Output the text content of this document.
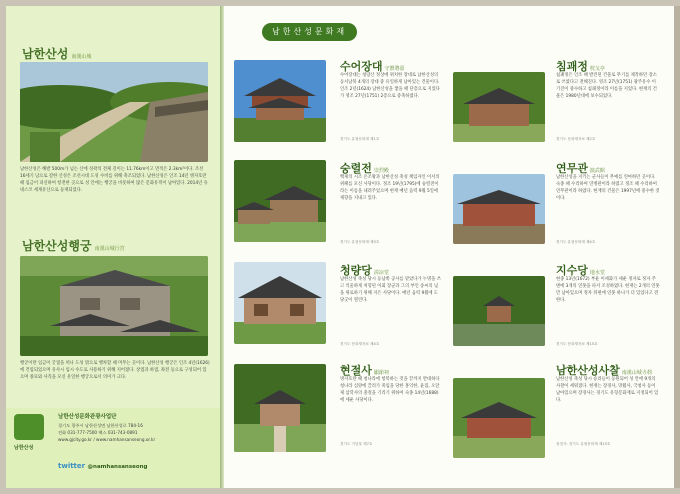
남한산성 南漢山城
남한산성은 해발 500m가 넘는 산에 성곽의 전체 길이는 11.76km이고 면적은 2.3km²이다. 조선 16세기 남으로 갈한 산성은 조선시대 도성 수비를 위해 축조되었다. 남한산성은 인조 14년 병자호란 때 임금이 피신하여 항전한 곳으로 성 안에는 행궁을 비롯하여 많은 문화유적이 남아있다. 2014년 유네스코 세계유산으로 등재되었다.
남한산성행궁 南漢山城行宮
행궁이란 임금이 궁궐을 떠나 도성 밖으로 행차할 때 머무는 곳이다. 남한산성 행궁은 인조 4년(1626)에 건립되었으며 유사시 임시 수도로 사용하기 위해 지어졌다. 상궐과 하궐, 좌전 등으로 구성되어 있으며 종묘와 사직을 모신 유일한 행궁으로서 의미가 크다.
남한산성
남한산성문화관광사업단
경기도 광주시 남한산성면 남한산성로 784-16
전화 031-777-7500 팩스 031-743-0891
www.gjcity.go.kr / www.namhansanseong.or.kr
twitter @namhansanseong
남한산성문화재
수어장대 守禦將臺
수어장대는 청량산 정상에 위치한 장대로 남한산성의 동서남북 4개의 장대 중 유일하게 남아있는 건물이다. 인조 2년(1624) 남한산성을 쌓을 때 단층으로 지었다가 영조 27년(1751) 2층으로 증축하였다.
경기도 유형문화재 제1호
숭렬전 崇烈殿
백제의 시조 온조왕과 남한산성 축성 책임자인 이서의 위패를 모신 사당이다. 정조 19년(1795)에 숭렬전이라는 이름을 내려주었으며 현재 매년 음력 9월 5일에 제향을 지내고 있다.
경기도 유형문화재 제3호
청량당 淸凉堂
남한산성 축성 당시 동남쪽 공사를 맡았다가 누명을 쓰고 억울하게 처형된 이회 장군과 그의 부인 송씨의 넋을 위로하기 위해 지은 사당이다. 매년 음력 9월에 도당굿이 열린다.
경기도 문화재자료 제4호
현절사 顯節祠
병자호란 때 청나라에 항복하는 것을 끝까지 반대하다 청나라 심양에 끌려가 죽임을 당한 홍익한, 윤집, 오달제 삼학사의 충절을 기리기 위하여 숙종 14년(1688)에 세운 사당이다.
경기도 기념물 제7호
침괘정 枕戈亭
침괘정은 인조 때 발견된 건물로 무기를 제작하던 장소로 쓰였다고 전해진다. 영조 27년(1751) 광주유수 이기진이 중수하고 침괘정이라 이름을 지었다. 현재의 건물은 1980년대에 보수되었다.
경기도 문화재자료 제2호
연무관 演武館
남한산성을 지키는 군사들이 무예를 연마하던 곳이다. 숙종 때 수리하여 연병관이라 하였고 정조 때 수리하여 연무관이라 하였다. 현재의 건물은 1997년에 중수한 것이다.
경기도 유형문화재 제4호
지수당 地水堂
현종 13년(1672) 부윤 이세화가 세운 정자로 정자 주변에 3개의 연못을 파서 조성하였다. 현재는 2개의 연못만 남아있으며 정자 뒤편에 연못 하나가 더 있었다고 전한다.
경기도 문화재자료 제15호
남한산성사찰 南漢山城寺刹
남한산성 축성 당시 승려들이 동원되어 성 안에 9개의 사찰이 세워졌다. 현재는 장경사, 망월사, 국청사 등이 남아있으며 장경사는 경기도 유형문화재로 지정되어 있다.
장경사: 경기도 유형문화재 제15호
